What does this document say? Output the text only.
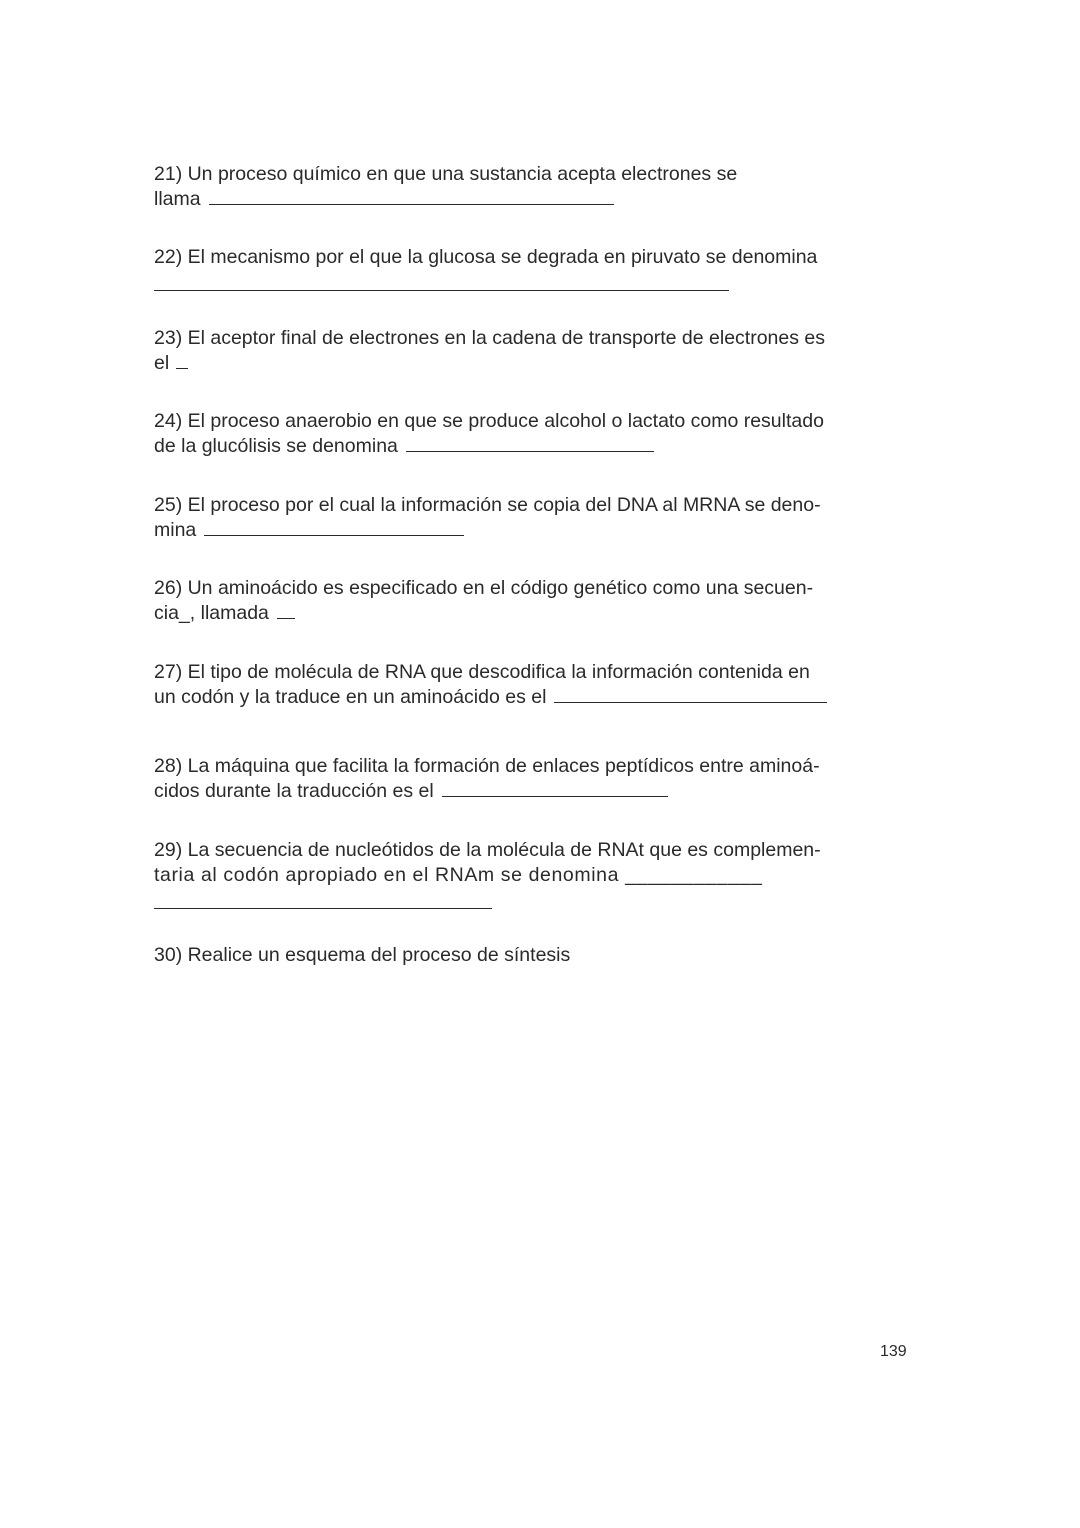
21) Un proceso químico en que una sustancia acepta electrones se
llama
22) El mecanismo por el que la glucosa se degrada en piruvato se denomina
23) El aceptor final de electrones en la cadena de transporte de electrones es
el
24) El proceso anaerobio en que se produce alcohol o lactato como resultado
de la glucólisis se denomina
25) El proceso por el cual la información se copia del DNA al MRNA se deno-
mina
26) Un aminoácido es especificado en el código genético como una secuen-
cia_, llamada
27) El tipo de molécula de RNA que descodifica la información contenida en
un codón y la traduce en un aminoácido es el
28) La máquina que facilita la formación de enlaces peptídicos entre aminoá-
cidos durante la traducción es el
29) La secuencia de nucleótidos de la molécula de RNAt que es complemen-
taria al codón apropiado en el RNAm se denomina ____________
30) Realice un esquema del proceso de síntesis
139
